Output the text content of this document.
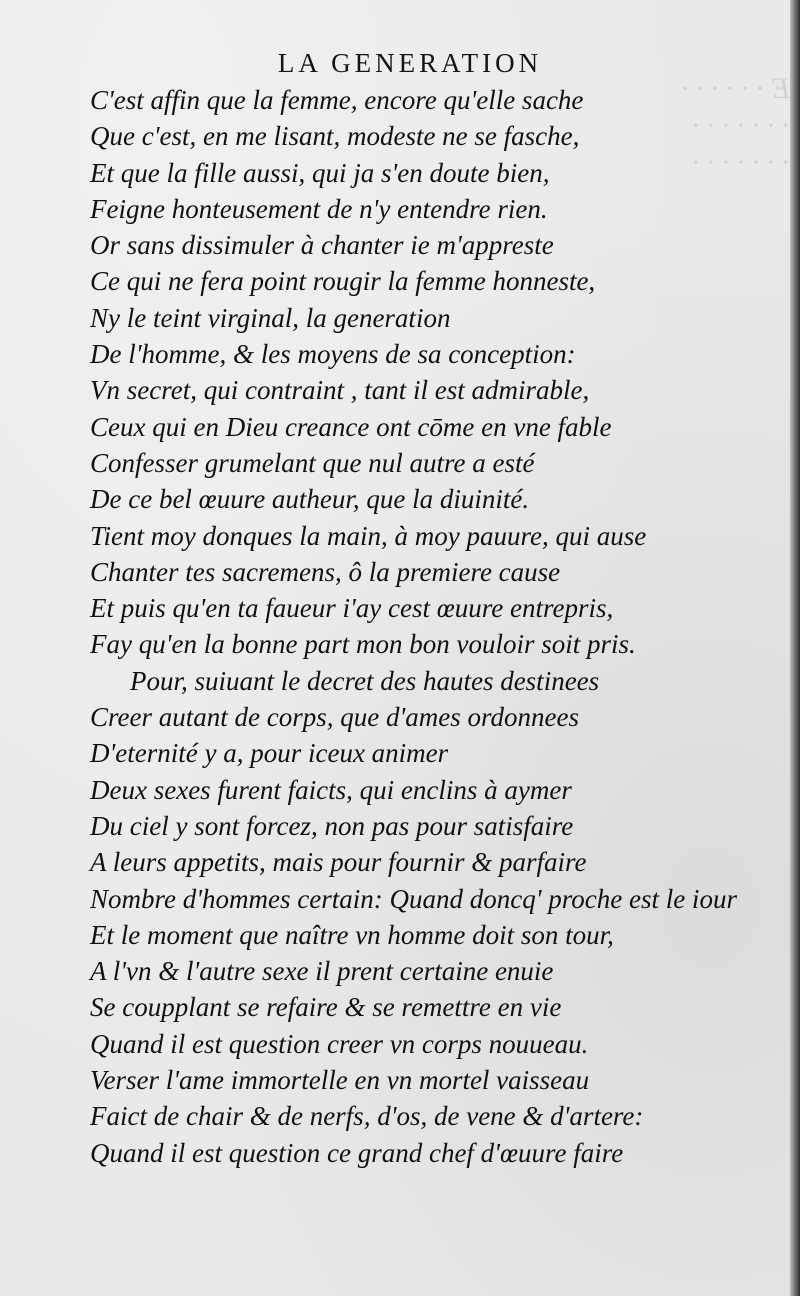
E · · · · · ·
· · · · · · ·
· · · · · · ·
LA GENERATION
C'est affin que la femme, encore qu'elle sache
Que c'est, en me lisant, modeste ne se fasche,
Et que la fille aussi, qui ja s'en doute bien,
Feigne honteusement de n'y entendre rien.
Or sans dissimuler à chanter ie m'appreste
Ce qui ne fera point rougir la femme honneste,
Ny le teint virginal, la generation
De l'homme, & les moyens de sa conception:
Vn secret, qui contraint , tant il est admirable,
Ceux qui en Dieu creance ont cōme en vne fable
Confesser grumelant que nul autre a esté
De ce bel œuure autheur, que la diuinité.
Tient moy donques la main, à moy pauure, qui ause
Chanter tes sacremens, ô la premiere cause
Et puis qu'en ta faueur i'ay cest œuure entrepris,
Fay qu'en la bonne part mon bon vouloir soit pris.
Pour, suiuant le decret des hautes destinees
Creer autant de corps, que d'ames ordonnees
D'eternité y a, pour iceux animer
Deux sexes furent faicts, qui enclins à aymer
Du ciel y sont forcez, non pas pour satisfaire
A leurs appetits, mais pour fournir & parfaire
Nombre d'hommes certain: Quand doncq' proche est le iour
Et le moment que naître vn homme doit son tour,
A l'vn & l'autre sexe il prent certaine enuie
Se coupplant se refaire & se remettre en vie
Quand il est question creer vn corps nouueau.
Verser l'ame immortelle en vn mortel vaisseau
Faict de chair & de nerfs, d'os, de vene & d'artere:
Quand il est question ce grand chef d'œuure faire
